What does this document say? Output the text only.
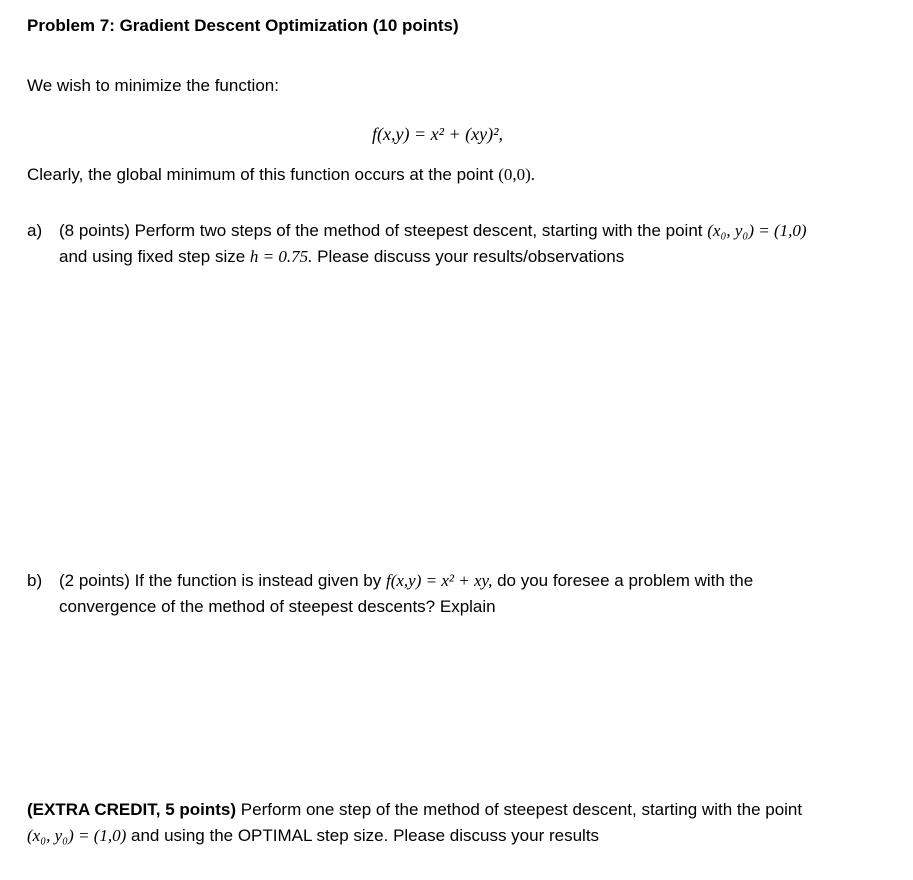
Problem 7: Gradient Descent Optimization (10 points)
We wish to minimize the function:
f(x,y) = x² + (xy)²,
Clearly, the global minimum of this function occurs at the point (0,0).
a) (8 points) Perform two steps of the method of steepest descent, starting with the point (x₀, y₀) = (1,0)
and using fixed step size h = 0.75. Please discuss your results/observations
b) (2 points) If the function is instead given by f(x,y) = x² + xy, do you foresee a problem with the
convergence of the method of steepest descents? Explain
(EXTRA CREDIT, 5 points) Perform one step of the method of steepest descent, starting with the point
(x₀, y₀) = (1,0) and using the OPTIMAL step size. Please discuss your results
